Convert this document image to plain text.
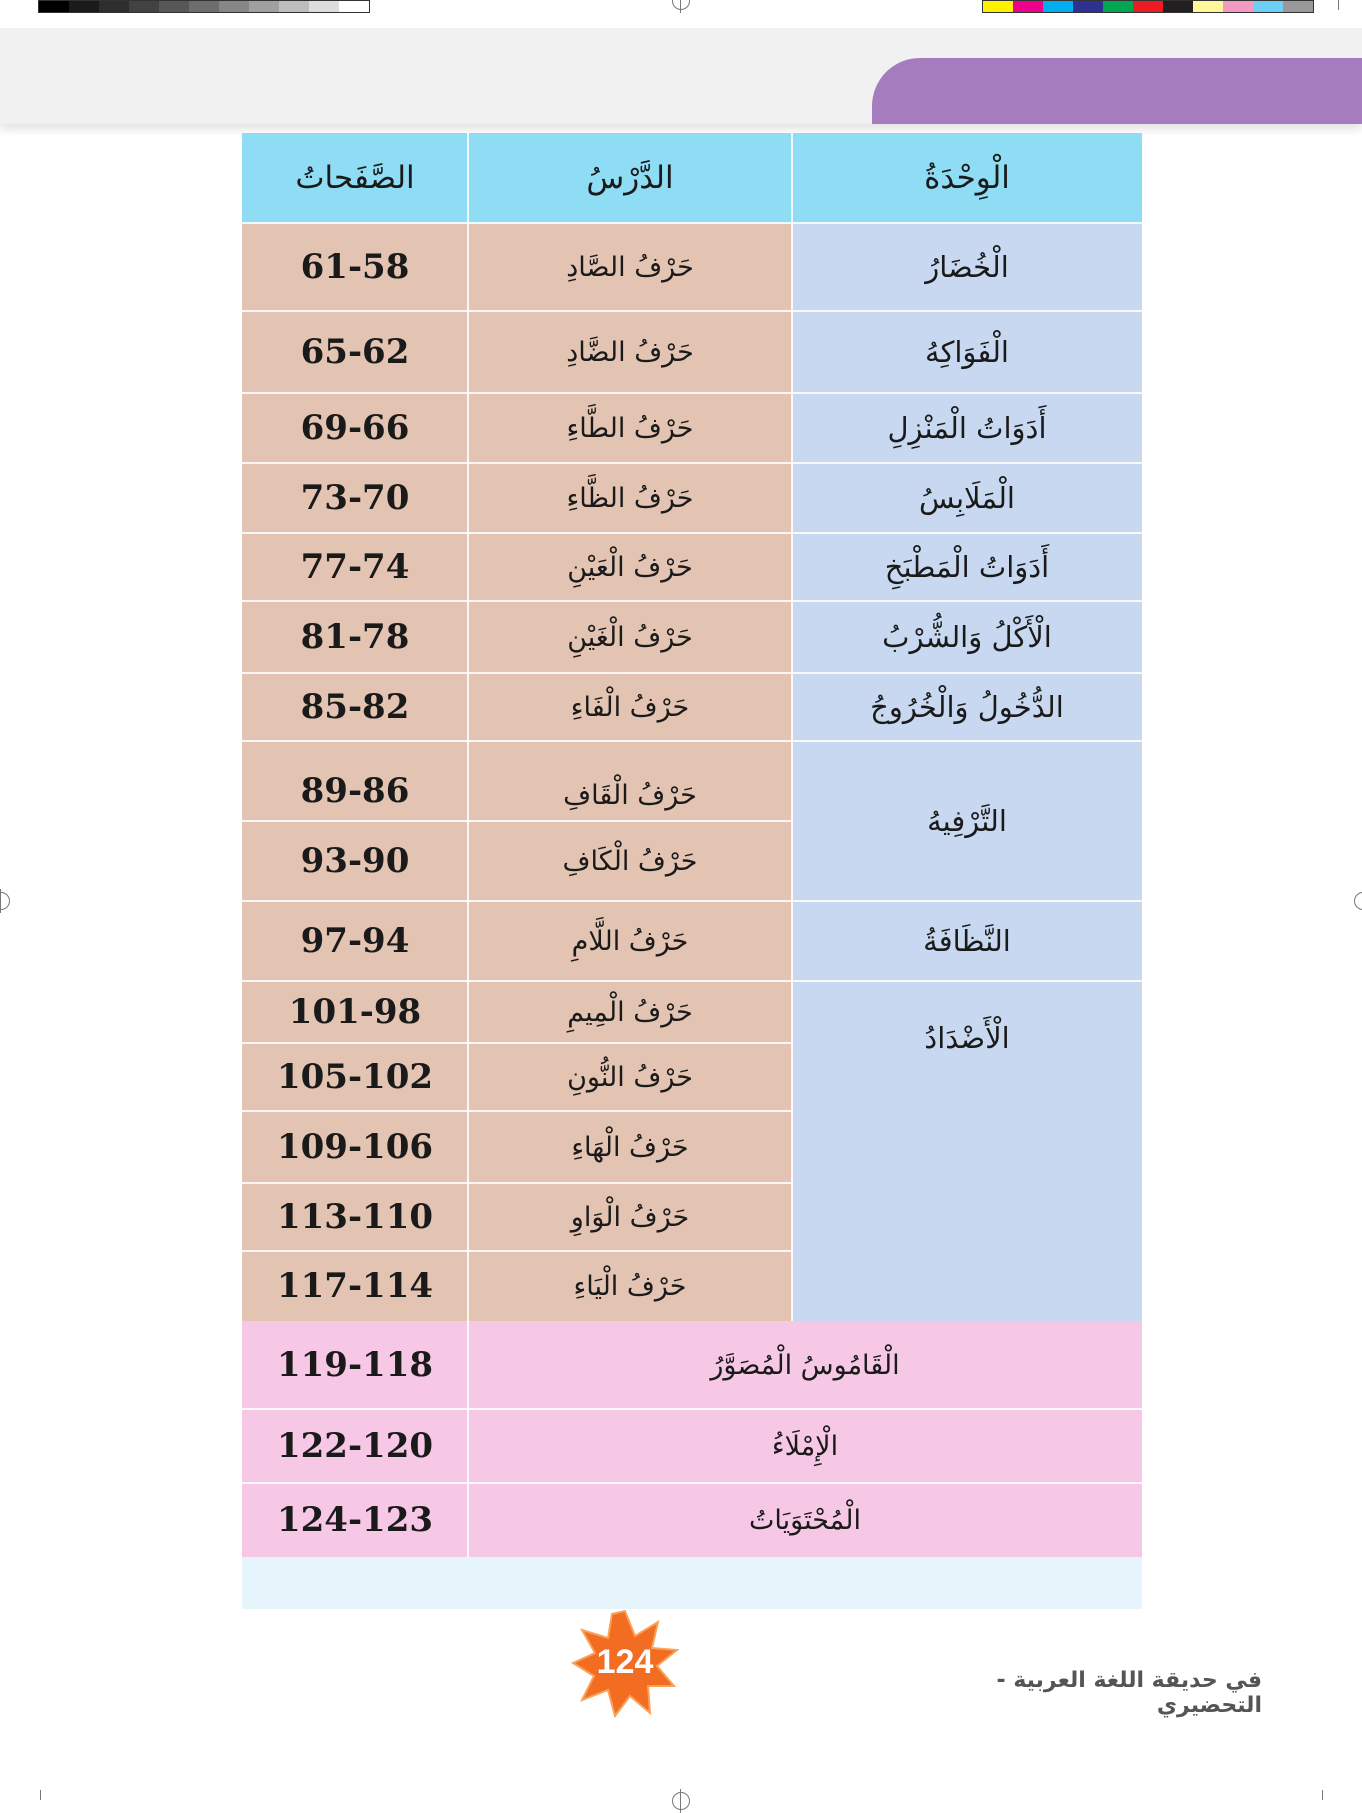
الْوِحْدَةُ
الدَّرْسُ
الصَّفَحاتُ
الْخُضَارُ
الْفَوَاكِهُ
أَدَوَاتُ الْمَنْزِلِ
الْمَلَابِسُ
أَدَوَاتُ الْمَطْبَخِ
الْأَكْلُ وَالشُّرْبُ
الدُّخُولُ وَالْخُرُوجُ
التَّرْفِيهُ
النَّظَافَةُ
الْأَضْدَادُ
حَرْفُ الصَّادِ
61-58
حَرْفُ الضَّادِ
65-62
حَرْفُ الطَّاءِ
69-66
حَرْفُ الظَّاءِ
73-70
حَرْفُ الْعَيْنِ
77-74
حَرْفُ الْغَيْنِ
81-78
حَرْفُ الْفَاءِ
85-82
حَرْفُ الْقَافِ
89-86
حَرْفُ الْكَافِ
93-90
حَرْفُ اللَّامِ
97-94
حَرْفُ الْمِيمِ
101-98
حَرْفُ النُّونِ
105-102
حَرْفُ الْهَاءِ
109-106
حَرْفُ الْوَاوِ
113-110
حَرْفُ الْيَاءِ
117-114
الْقَامُوسُ الْمُصَوَّرُ
119-118
الْإِمْلَاءُ
122-120
الْمُحْتَوَيَاتُ
124-123
124	في حديقة اللغة العربية - التحضيري
